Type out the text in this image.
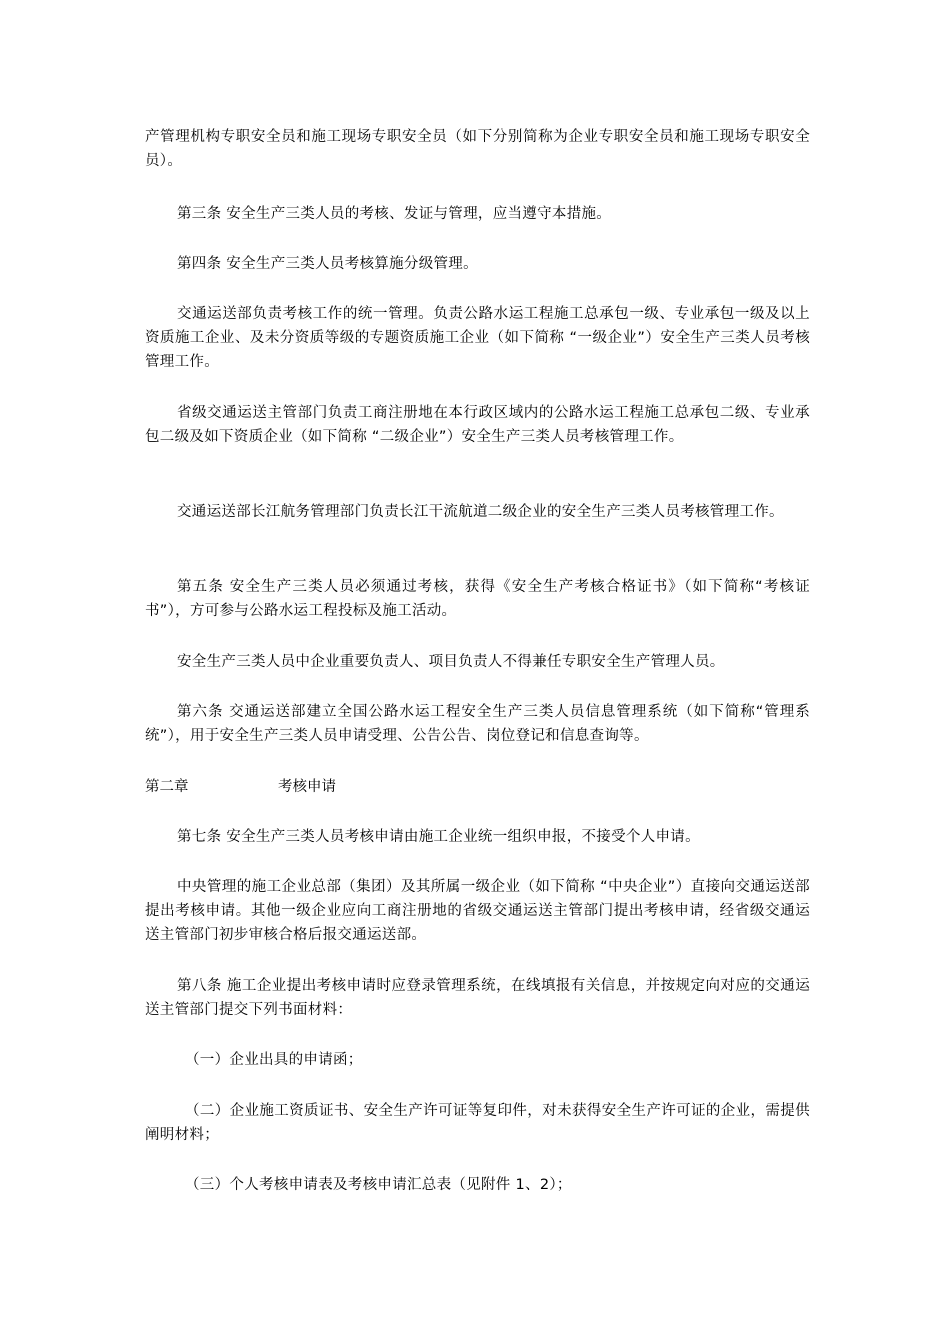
产管理机构专职安全员和施工现场专职安全员（如下分别简称为企业专职安全员和施工现场专职安全员）。

第三条 安全生产三类人员的考核、发证与管理，应当遵守本措施。

第四条 安全生产三类人员考核算施分级管理。

交通运送部负责考核工作的统一管理。负责公路水运工程施工总承包一级、专业承包一级及以上资质施工企业、及未分资质等级的专题资质施工企业（如下简称 “一级企业”）安全生产三类人员考核管理工作。

省级交通运送主管部门负责工商注册地在本行政区域内的公路水运工程施工总承包二级、专业承包二级及如下资质企业（如下简称 “二级企业”）安全生产三类人员考核管理工作。

交通运送部长江航务管理部门负责长江干流航道二级企业的安全生产三类人员考核管理工作。

第五条 安全生产三类人员必须通过考核，获得《安全生产考核合格证书》（如下简称“考核证书”），方可参与公路水运工程投标及施工活动。

安全生产三类人员中企业重要负责人、项目负责人不得兼任专职安全生产管理人员。

第六条 交通运送部建立全国公路水运工程安全生产三类人员信息管理系统（如下简称“管理系统”），用于安全生产三类人员申请受理、公告公告、岗位登记和信息查询等。

第二章	考核申请

第七条 安全生产三类人员考核申请由施工企业统一组织申报，不接受个人申请。

中央管理的施工企业总部（集团）及其所属一级企业（如下简称 “中央企业”）直接向交通运送部提出考核申请。其他一级企业应向工商注册地的省级交通运送主管部门提出考核申请，经省级交通运送主管部门初步审核合格后报交通运送部。

第八条 施工企业提出考核申请时应登录管理系统，在线填报有关信息，并按规定向对应的交通运送主管部门提交下列书面材料：

（一）企业出具的申请函；

（二）企业施工资质证书、安全生产许可证等复印件，对未获得安全生产许可证的企业，需提供阐明材料；

（三）个人考核申请表及考核申请汇总表（见附件 1、2）；
